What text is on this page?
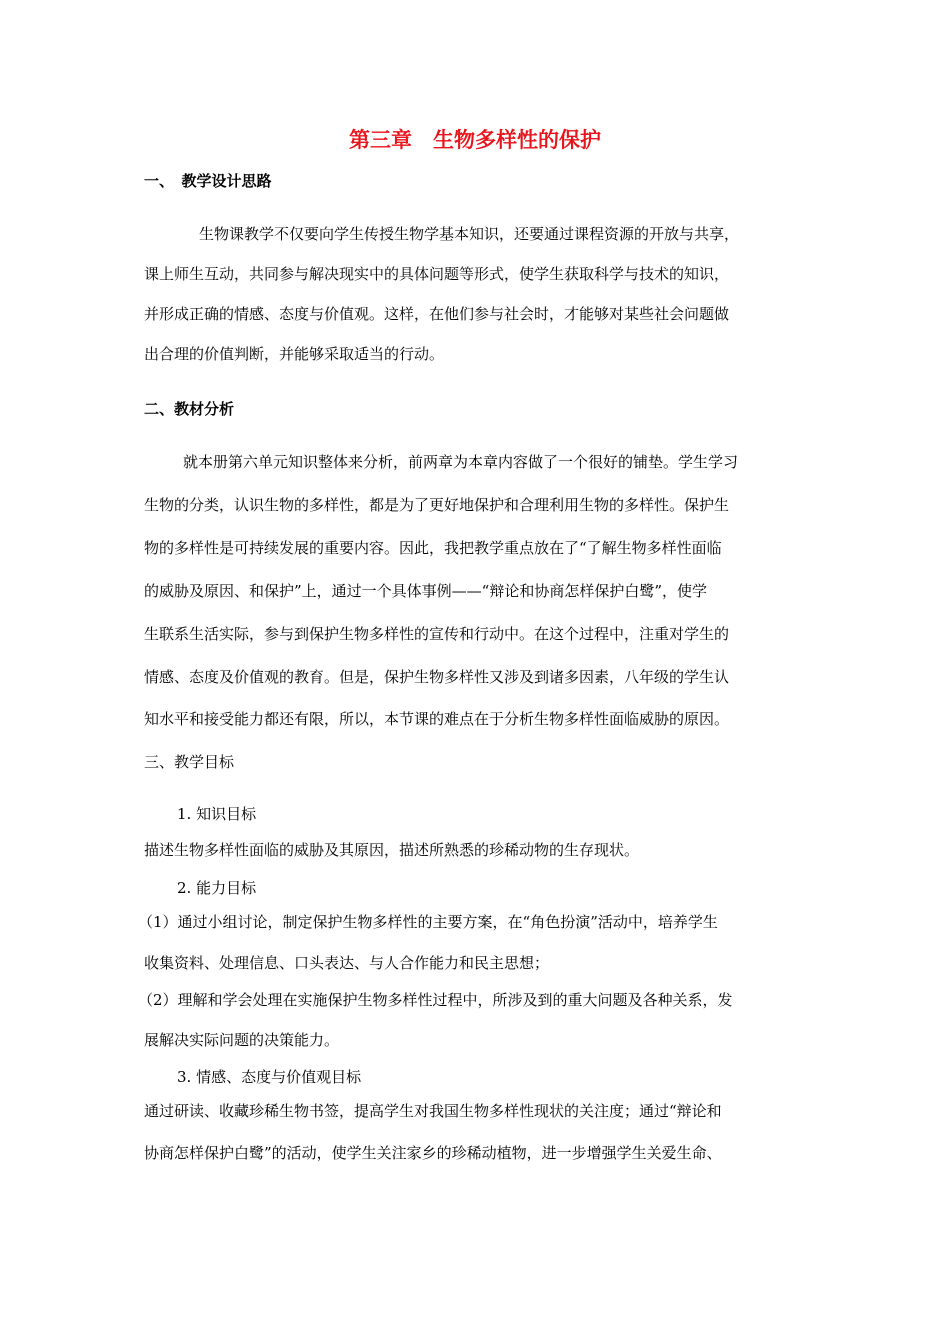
第三章　生物多样性的保护
一、　教学设计思路
生物课教学不仅要向学生传授生物学基本知识，还要通过课程资源的开放与共享，
课上师生互动，共同参与解决现实中的具体问题等形式，使学生获取科学与技术的知识，
并形成正确的情感、态度与价值观。这样，在他们参与社会时，才能够对某些社会问题做
出合理的价值判断，并能够采取适当的行动。
二、教材分析
就本册第六单元知识整体来分析，前两章为本章内容做了一个很好的铺垫。学生学习
生物的分类，认识生物的多样性，都是为了更好地保护和合理利用生物的多样性。保护生
物的多样性是可持续发展的重要内容。因此，我把教学重点放在了“了解生物多样性面临
的威胁及原因、和保护”上，通过一个具体事例——“辩论和协商怎样保护白鹭”，使学
生联系生活实际，参与到保护生物多样性的宣传和行动中。在这个过程中，注重对学生的
情感、态度及价值观的教育。但是，保护生物多样性又涉及到诸多因素，八年级的学生认
知水平和接受能力都还有限，所以，本节课的难点在于分析生物多样性面临威胁的原因。
三、教学目标
1. 知识目标
描述生物多样性面临的威胁及其原因，描述所熟悉的珍稀动物的生存现状。
2. 能力目标
（1）通过小组讨论，制定保护生物多样性的主要方案，在“角色扮演”活动中，培养学生
收集资料、处理信息、口头表达、与人合作能力和民主思想；
（2）理解和学会处理在实施保护生物多样性过程中，所涉及到的重大问题及各种关系，发
展解决实际问题的决策能力。
3. 情感、态度与价值观目标
通过研读、收藏珍稀生物书签，提高学生对我国生物多样性现状的关注度；通过“辩论和
协商怎样保护白鹭”的活动，使学生关注家乡的珍稀动植物，进一步增强学生关爱生命、
